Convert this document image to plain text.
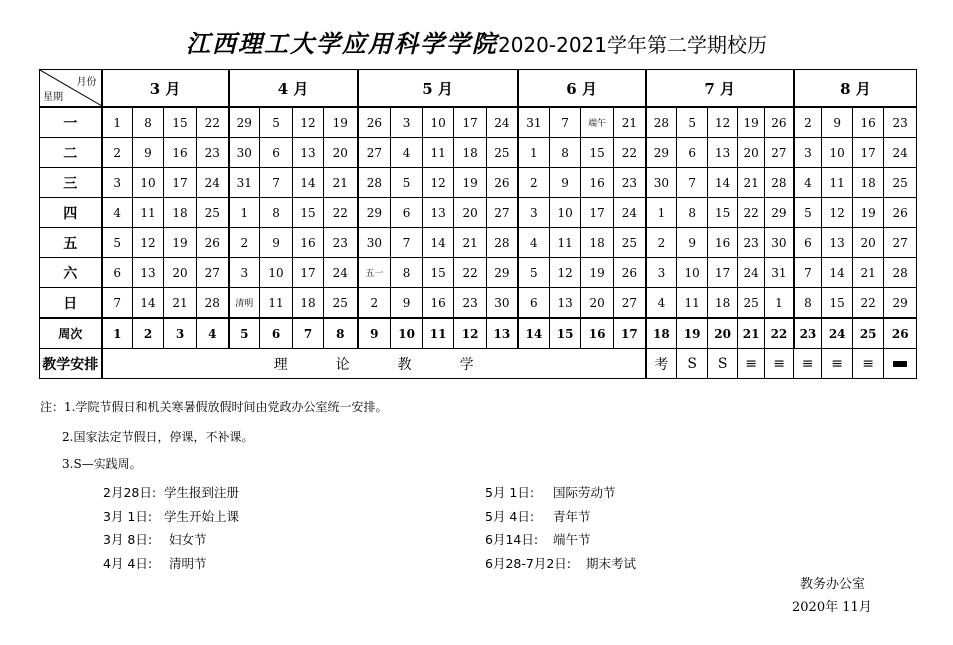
江西理工大学应用科学学院2020-2021学年第二学期校历
月份
星期	3 月				4 月				5 月					6 月				7 月					8 月			
一	1	8	15	22	29	5	12	19	26	3	10	17	24	31	7	端午	21	28	5	12	19	26	2	9	16	23
二	2	9	16	23	30	6	13	20	27	4	11	18	25	1	8	15	22	29	6	13	20	27	3	10	17	24
三	3	10	17	24	31	7	14	21	28	5	12	19	26	2	9	16	23	30	7	14	21	28	4	11	18	25
四	4	11	18	25	1	8	15	22	29	6	13	20	27	3	10	17	24	1	8	15	22	29	5	12	19	26
五	5	12	19	26	2	9	16	23	30	7	14	21	28	4	11	18	25	2	9	16	23	30	6	13	20	27
六	6	13	20	27	3	10	17	24	五一	8	15	22	29	5	12	19	26	3	10	17	24	31	7	14	21	28
日	7	14	21	28	清明	11	18	25	2	9	16	23	30	6	13	20	27	4	11	18	25	1	8	15	22	29
周次	1	2	3	4	5	6	7	8	9	10	11	12	13	14	15	16	17	18	19	20	21	22	23	24	25	26
教学安排	理 论 教 学																	考	S	S	≡	≡	≡	≡	≡	
注：1.学院节假日和机关寒暑假放假时间由党政办公室统一安排。
2.国家法定节假日，停课，不补课。
3.S—实践周。
2月28日: 学生报到注册
3月 1日: 学生开始上课
3月 8日: 妇女节
4月 4日: 清明节
5月 1日: 国际劳动节
5月 4日: 青年节
6月14日: 端午节
6月28-7月2日: 期末考试
教务办公室
2020年 11月
